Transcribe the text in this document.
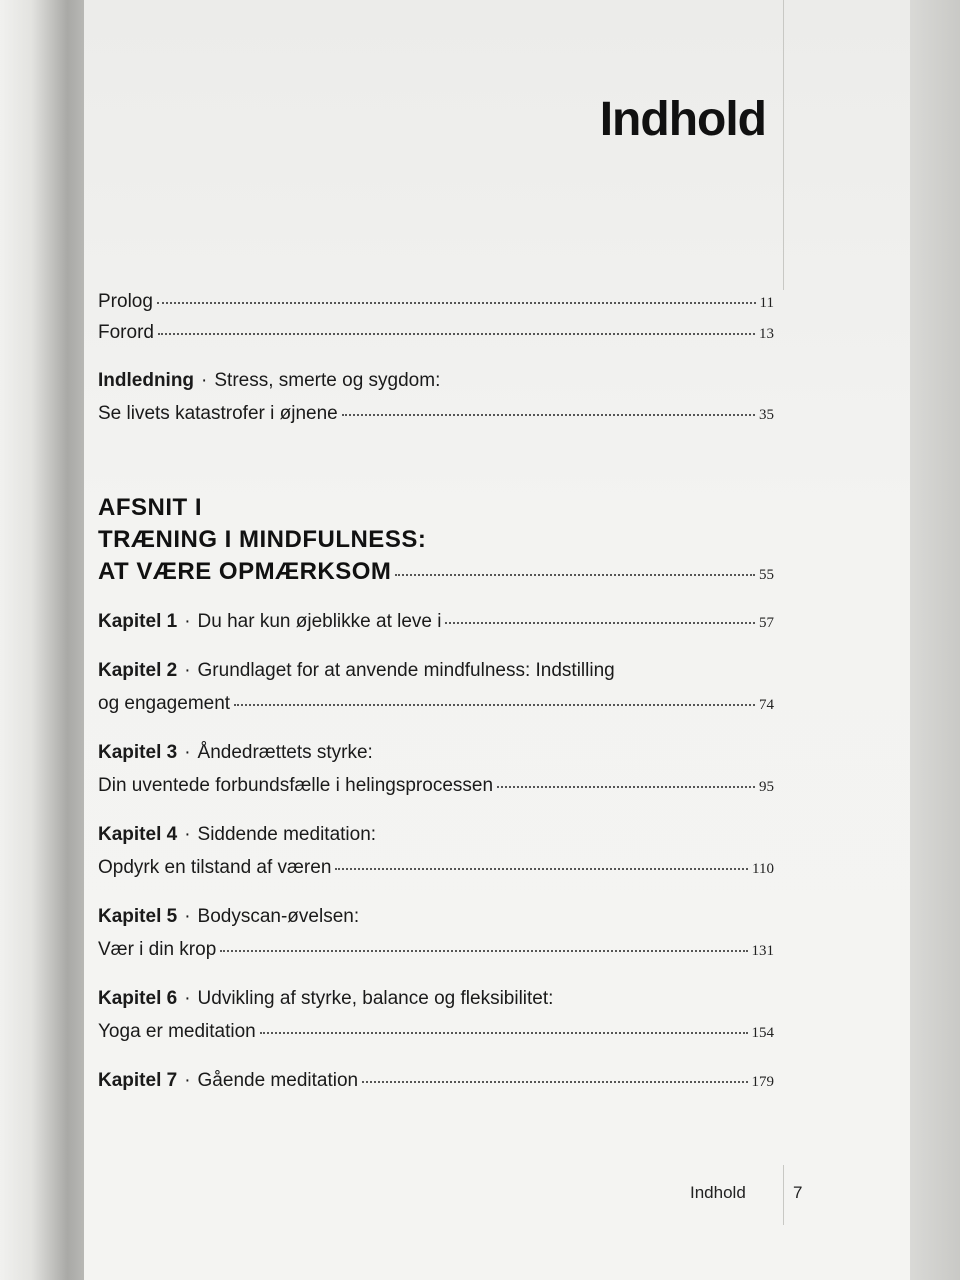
Indhold
Prolog	11
Forord	13
Indledning · Stress, smerte og sygdom:
Se livets katastrofer i øjnene	35
AFSNIT I
TRÆNING I MINDFULNESS:
AT VÆRE OPMÆRKSOM	55
Kapitel 1 · Du har kun øjeblikke at leve i	57
Kapitel 2 · Grundlaget for at anvende mindfulness: Indstilling
og engagement	74
Kapitel 3 · Åndedrættets styrke:
Din uventede forbundsfælle i helingsprocessen	95
Kapitel 4 · Siddende meditation:
Opdyrk en tilstand af væren	110
Kapitel 5 · Bodyscan-øvelsen:
Vær i din krop	131
Kapitel 6 · Udvikling af styrke, balance og fleksibilitet:
Yoga er meditation	154
Kapitel 7 · Gående meditation	179
Indhold	7
